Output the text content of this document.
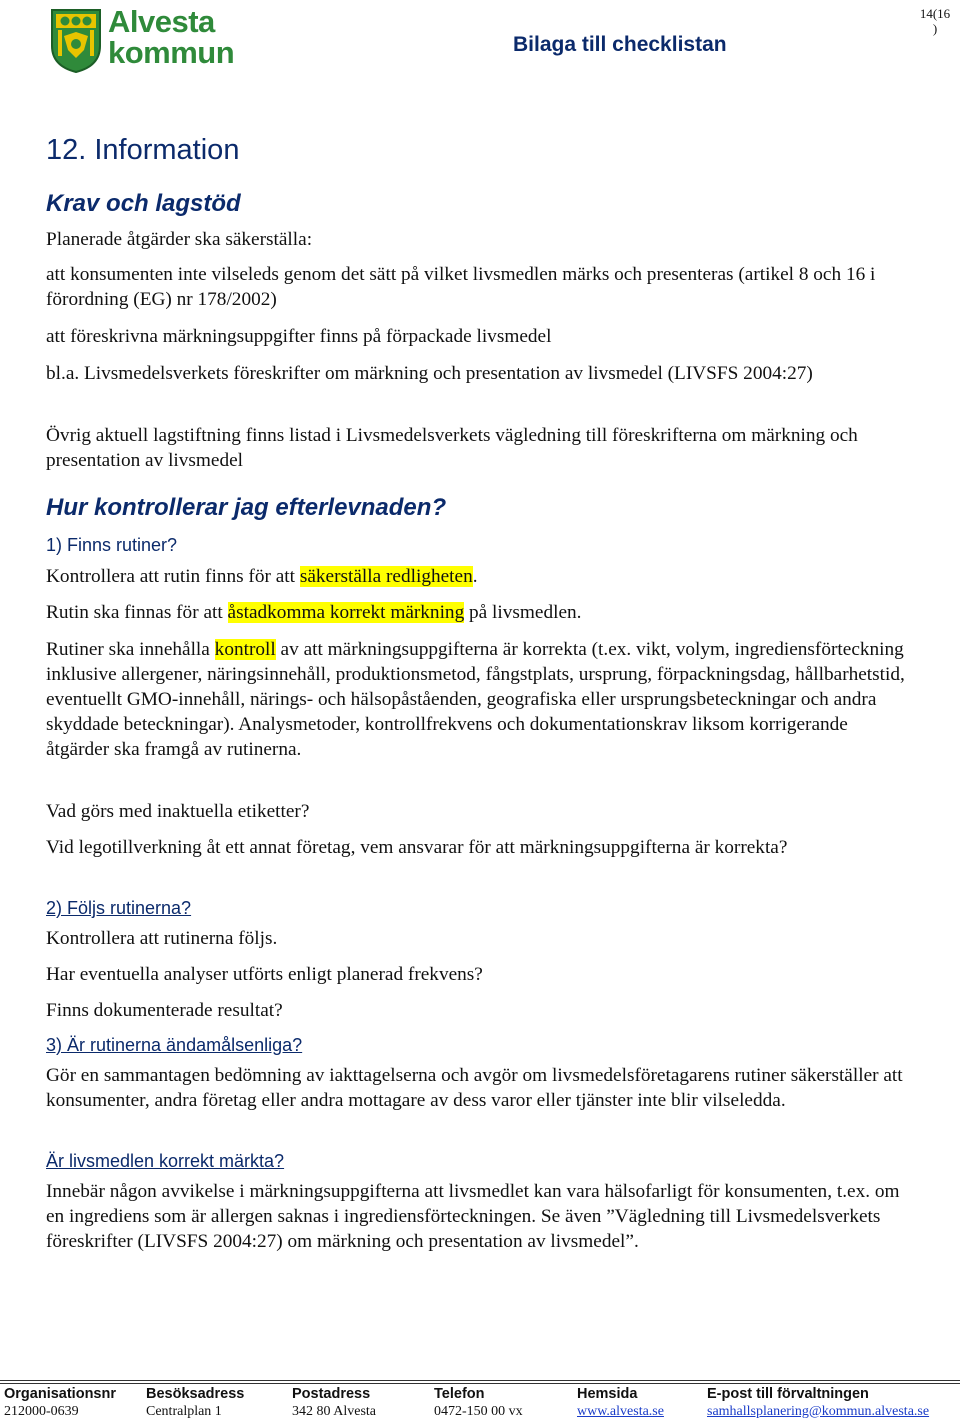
Alvesta
kommun	Bilaga till checklistan
14(16
)
12. Information
Krav och lagstöd
Planerade åtgärder ska säkerställa:
att konsumenten inte vilseleds genom det sätt på vilket livsmedlen märks och presenteras (artikel 8 och 16 i förordning (EG) nr 178/2002)
att föreskrivna märkningsuppgifter finns på förpackade livsmedel
bl.a. Livsmedelsverkets föreskrifter om märkning och presentation av livsmedel (LIVSFS 2004:27)
Övrig aktuell lagstiftning finns listad i Livsmedelsverkets vägledning till föreskrifterna om märkning och presentation av livsmedel
Hur kontrollerar jag efterlevnaden?
1) Finns rutiner?
Kontrollera att rutin finns för att säkerställa redligheten.
Rutin ska finnas för att åstadkomma korrekt märkning på livsmedlen.
Rutiner ska innehålla kontroll av att märkningsuppgifterna är korrekta (t.ex. vikt, volym, ingrediensförteckning inklusive allergener, näringsinnehåll, produktionsmetod, fångstplats, ursprung, förpackningsdag, hållbarhetstid, eventuellt GMO-innehåll, närings- och hälsopåståenden, geografiska eller ursprungsbeteckningar och andra skyddade beteckningar). Analysmetoder, kontrollfrekvens och dokumentationskrav liksom korrigerande åtgärder ska framgå av rutinerna.
Vad görs med inaktuella etiketter?
Vid legotillverkning åt ett annat företag, vem ansvarar för att märkningsuppgifterna är korrekta?
2) Följs rutinerna?
Kontrollera att rutinerna följs.
Har eventuella analyser utförts enligt planerad frekvens?
Finns dokumenterade resultat?
3) Är rutinerna ändamålsenliga?
Gör en sammantagen bedömning av iakttagelserna och avgör om livsmedelsföretagarens rutiner säkerställer att konsumenter, andra företag eller andra mottagare av dess varor eller tjänster inte blir vilseledda.
Är livsmedlen korrekt märkta?
Innebär någon avvikelse i märkningsuppgifterna att livsmedlet kan vara hälsofarligt för konsumenten, t.ex. om en ingrediens som är allergen saknas i ingrediensförteckningen. Se även ”Vägledning till Livsmedelsverkets föreskrifter (LIVSFS 2004:27) om märkning och presentation av livsmedel”.
Organisationsnr
212000-0639
Besöksadress
Centralplan 1
Postadress
342 80 Alvesta
Telefon
0472-150 00 vx
Hemsida
www.alvesta.se
E-post till förvaltningen
samhallsplanering@kommun.alvesta.se
